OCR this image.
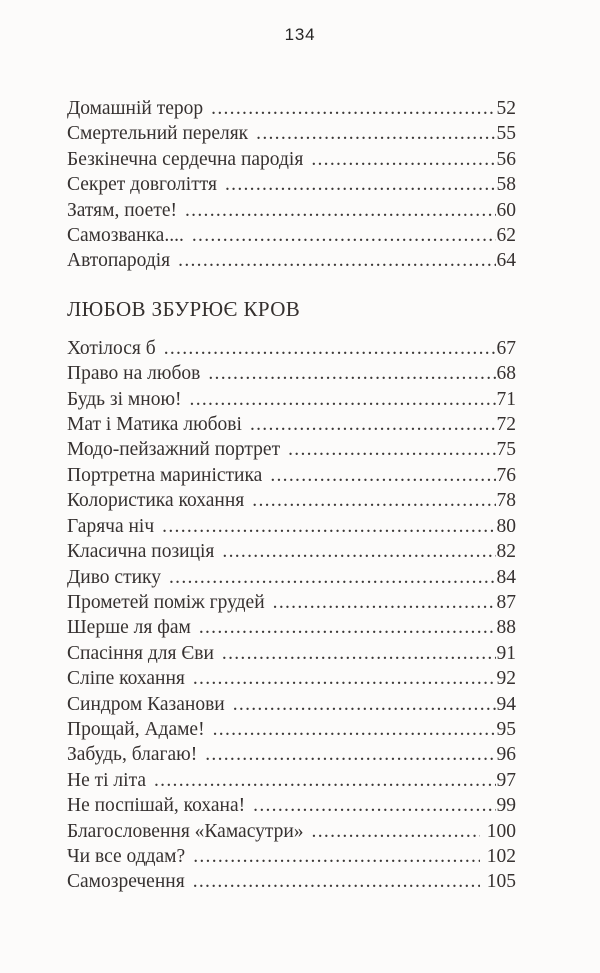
134
Домашній терор .....	52
Смертельний переляк .....	55
Безкінечна сердечна пародія .....	56
Секрет довголіття .....	58
Затям, поете! .....	60
Самозванка.... .....	62
Автопародія .....	64
ЛЮБОВ ЗБУРЮЄ КРОВ
Хотілося б .....	67
Право на любов .....	68
Будь зі мною! .....	71
Мат і Матика любові .....	72
Модо-пейзажний портрет .....	75
Портретна мариністика .....	76
Колористика кохання .....	78
Гаряча ніч .....	80
Класична позиція .....	82
Диво стику .....	84
Прометей поміж грудей .....	87
Шерше ля фам .....	88
Спасіння для Єви .....	91
Сліпе кохання .....	92
Синдром Казанови .....	94
Прощай, Адаме! .....	95
Забудь, благаю! .....	96
Не ті літа .....	97
Не поспішай, кохана! .....	99
Благословення «Камасутри» .....	100
Чи все оддам? .....	102
Самозречення .....	105
